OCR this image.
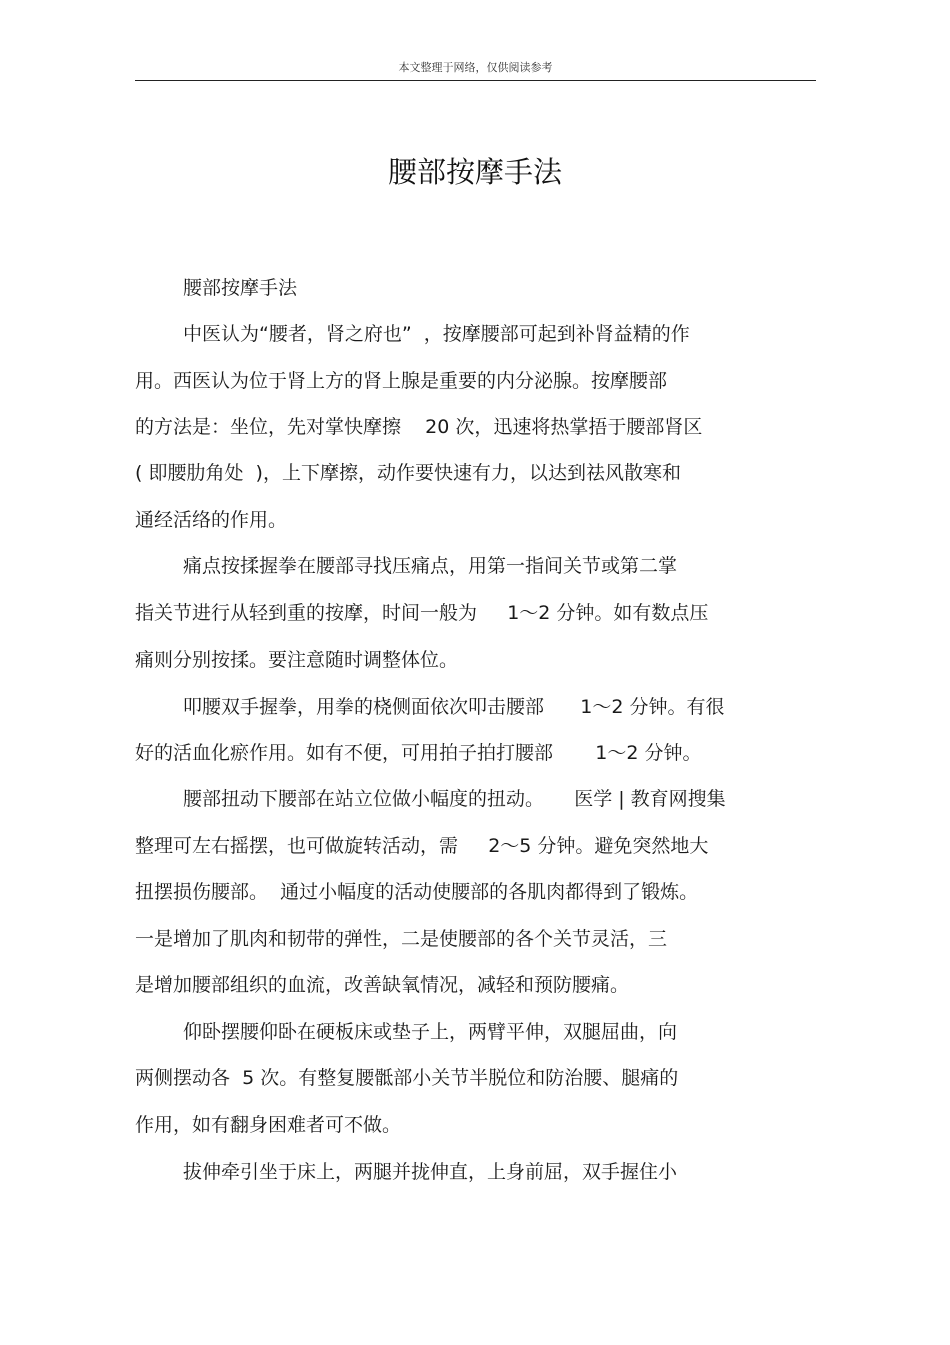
本文整理于网络，仅供阅读参考
腰部按摩手法
腰部按摩手法
中医认为“腰者，肾之府也”  ，按摩腰部可起到补肾益精的作
用。西医认为位于肾上方的肾上腺是重要的内分泌腺。按摩腰部
的方法是：坐位，先对掌快摩擦    20 次，迅速将热掌捂于腰部肾区
( 即腰肋角处  )，上下摩擦，动作要快速有力，以达到祛风散寒和
通经活络的作用。
痛点按揉握拳在腰部寻找压痛点，用第一指间关节或第二掌
指关节进行从轻到重的按摩，时间一般为     1～2 分钟。如有数点压
痛则分别按揉。要注意随时调整体位。
叩腰双手握拳，用拳的桡侧面依次叩击腰部      1～2 分钟。有很
好的活血化瘀作用。如有不便，可用拍子拍打腰部       1～2 分钟。
腰部扭动下腰部在站立位做小幅度的扭动。     医学 | 教育网搜集
整理可左右摇摆，也可做旋转活动，需     2～5 分钟。避免突然地大
扭摆损伤腰部。  通过小幅度的活动使腰部的各肌肉都得到了锻炼。
一是增加了肌肉和韧带的弹性，二是使腰部的各个关节灵活，三
是增加腰部组织的血流，改善缺氧情况，减轻和预防腰痛。
仰卧摆腰仰卧在硬板床或垫子上，两臂平伸，双腿屈曲，向
两侧摆动各  5 次。有整复腰骶部小关节半脱位和防治腰、腿痛的
作用，如有翻身困难者可不做。
拔伸牵引坐于床上，两腿并拢伸直，上身前屈，双手握住小
